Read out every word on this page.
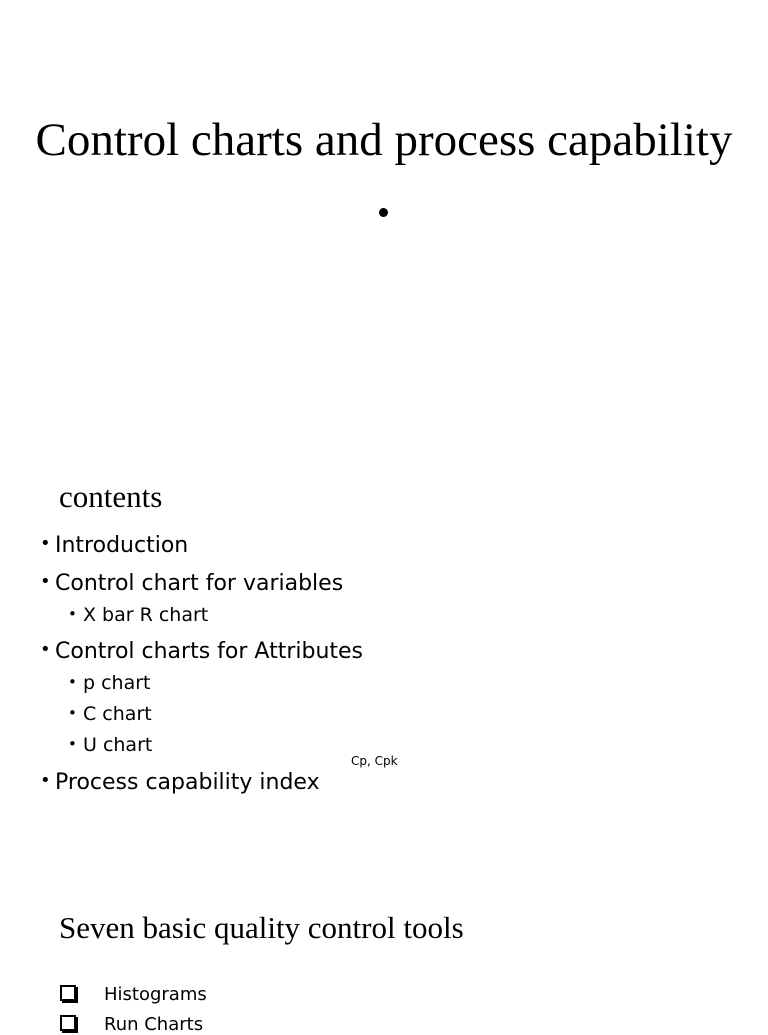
Control charts and process capability
contents
• Introduction
• Control chart for variables
• X bar R chart
• Control charts for Attributes
• p chart
• C chart
• U chart
• Process capability index
Cp, Cpk
Seven basic quality control tools
Histograms
Run Charts
